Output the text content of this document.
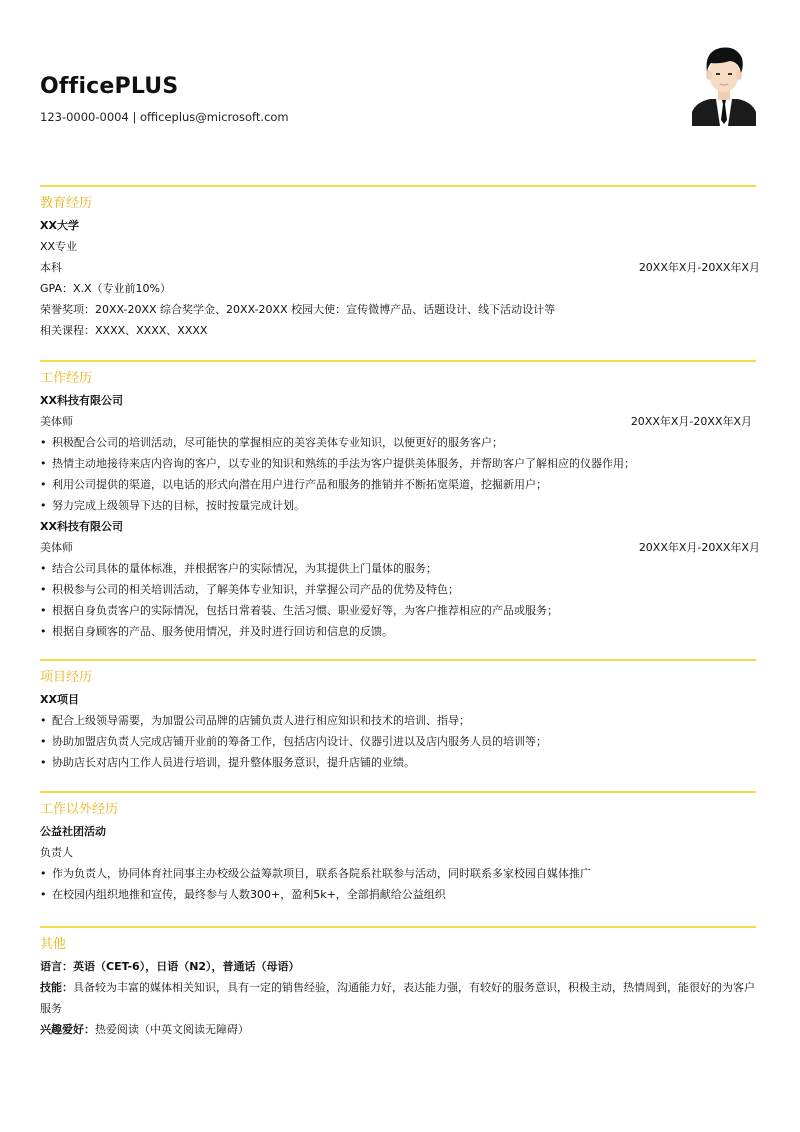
OfficePLUS
123-0000-0004 | officeplus@microsoft.com
教育经历
XX大学
XX专业
本科	20XX年X月-20XX年X月
GPA：X.X（专业前10%）
荣誉奖项：20XX-20XX 综合奖学金、20XX-20XX 校园大使：宣传微博产品、话题设计、线下活动设计等
相关课程：XXXX、XXXX、XXXX
工作经历
XX科技有限公司
美体师	20XX年X月-20XX年X月
• 积极配合公司的培训活动，尽可能快的掌握相应的美容美体专业知识，以便更好的服务客户；
• 热情主动地接待来店内咨询的客户，以专业的知识和熟练的手法为客户提供美体服务，并帮助客户了解相应的仪器作用；
• 利用公司提供的渠道，以电话的形式向潜在用户进行产品和服务的推销并不断拓宽渠道，挖掘新用户；
• 努力完成上级领导下达的目标，按时按量完成计划。
XX科技有限公司
美体师	20XX年X月-20XX年X月
• 结合公司具体的量体标准，并根据客户的实际情况，为其提供上门量体的服务；
• 积极参与公司的相关培训活动，了解美体专业知识，并掌握公司产品的优势及特色；
• 根据自身负责客户的实际情况，包括日常着装、生活习惯、职业爱好等，为客户推荐相应的产品或服务；
• 根据自身顾客的产品、服务使用情况，并及时进行回访和信息的反馈。
项目经历
XX项目
• 配合上级领导需要，为加盟公司品牌的店铺负责人进行相应知识和技术的培训、指导；
• 协助加盟店负责人完成店铺开业前的筹备工作，包括店内设计、仪器引进以及店内服务人员的培训等；
• 协助店长对店内工作人员进行培训，提升整体服务意识，提升店铺的业绩。
工作以外经历
公益社团活动
负责人
• 作为负责人，协同体育社同事主办校级公益筹款项目，联系各院系社联参与活动，同时联系多家校园自媒体推广
• 在校园内组织地推和宣传，最终参与人数300+，盈利5k+，全部捐献给公益组织
其他
语言：英语（CET-6），日语（N2），普通话（母语）
技能：具备较为丰富的媒体相关知识，具有一定的销售经验，沟通能力好，表达能力强，有较好的服务意识，积极主动，热情周到，能很好的为客户服务
兴趣爱好：热爱阅读（中英文阅读无障碍）
